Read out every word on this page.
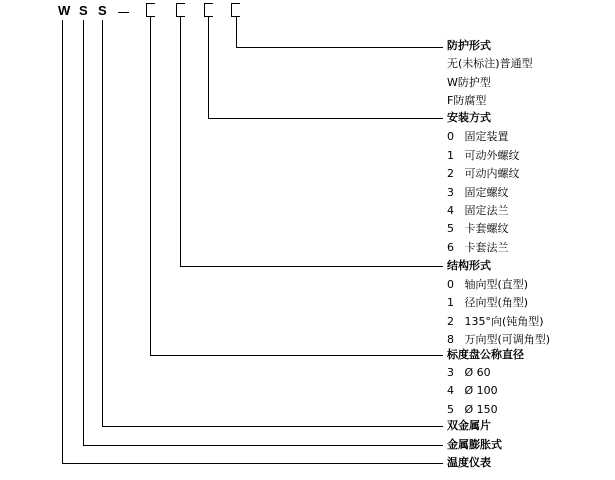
W S S
防护形式
无(未标注)普通型
W防护型
F防腐型
安装方式
0 固定装置
1 可动外螺纹
2 可动内螺纹
3 固定螺纹
4 固定法兰
5 卡套螺纹
6 卡套法兰
结构形式
0 轴向型(直型)
1 径向型(角型)
2 135°向(钝角型)
8 万向型(可调角型)
标度盘公称直径
3 Ø 60
4 Ø 100
5 Ø 150
双金属片
金属膨胀式
温度仪表
